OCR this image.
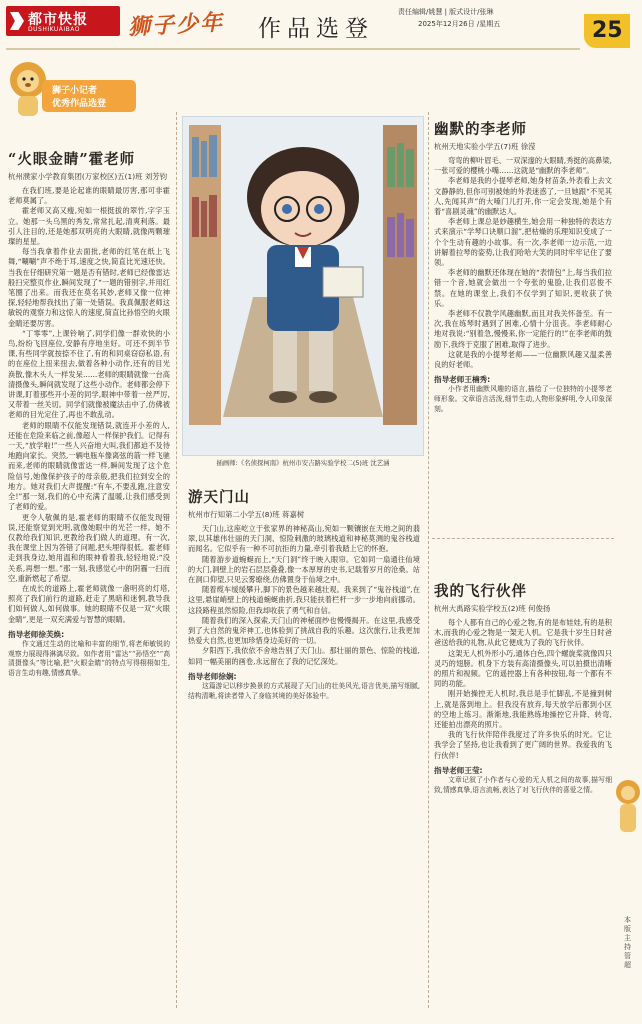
都市快报
DUSHIKUAIBAO 狮子少年 作品选登
责任编辑/姚慧 | 版式设计/张琳
2025年12月26日 /星期五	25
狮子小记者
优秀作品选登
“火眼金睛”霍老师
杭州濮家小学教育集团(万家校区)五(1)班 刘芳钧

在我们班,要是论起谁的眼睛最厉害,那可非霍老师莫属了。

霍老师又高又瘦,宛如一根挺拔的翠竹,字字玉立。她那一头乌黑的秀发,常常扎起,清爽利落。最引人注目的,还是她那双明亮的大眼睛,就像两颗璀璨的星星。

每当我拿着作业去面批,老师的红笔在纸上飞舞,“唰唰”声不绝于耳,速度之快,简直比光速还快。当我在仔细研究第一题是否有错时,老师已经像雷达般扫完整页作业,瞬间发现了“一题的错别字,并用红笔圈了出来。而我还在莫名其妙,老师又像一位神探,轻轻地帮我找出了第一处错误。我真佩服老师这敏锐的观察力和这惊人的速度,简直比孙悟空的火眼金睛还要厉害。

“丁零零”,上课铃响了,同学们像一群欢快的小鸟,纷纷飞回座位,安静有序地坐好。可还不到半节课,有些同学就按捺不住了,有的和同桌窃窃私语,有的在座位上扭来扭去,做着各种小动作,还有的目光涣散,像木头人一样发呆……老师的眼睛就像一台高清摄像头,瞬间就发现了这些小动作。老师都会停下讲课,盯着那些开小差的同学,眼神中带着一丝严厉,又带着一丝关切。同学们就像被魔法击中了,仿佛被老师的目光定住了,再也不敢乱动。

老师的眼睛不仅能发现错误,就连开小差的人,还能在危险来临之前,像超人一样保护我们。记得有一天,“放学啦!”一些人兴奋地大叫,我们都迫不及待地跑向家长。突然,一辆电瓶车像离弦的箭一样飞驰而来,老师的眼睛就像雷达一样,瞬间发现了这个危险信号,她像保护孩子的母亲般,把我们拉到安全的地方。她对我们大声提醒:“有车,不要乱跑,注意安全!”那一刻,我们的心中充满了温暖,让我们感受到了老师的爱。

更令人敬佩的是,霍老师的眼睛不仅能发现错误,还能察觉到光明,就像她眼中的光芒一样。她不仅教给我们知识,更教给我们做人的道理。有一次,我在课堂上因为答错了问题,把头埋得很低。霍老师走到我身边,她用温和的眼神看着我,轻轻地说:“没关系,再想一想。”那一刻,我感觉心中的阴霾一扫而空,重新燃起了希望。

在成长的道路上,霍老师就像一盏明亮的灯塔,照亮了我们前行的道路,赶走了黑暗和迷惘,教导我们如何做人,如何做事。她的眼睛不仅是一双“火眼金睛”,更是一双充满爱与智慧的眼睛。

指导老师徐芙焕:
作文通过生动的比喻和丰富的细节,将老师敏锐的观察力展现得淋漓尽致。如作者用“雷达”“孙悟空”“高清摄像头”等比喻,把“火眼金睛”的特点写得栩栩如生,语言生动有趣,情感真挚。
插画师:《名侦探柯南》杭州市安吉路实验学校二(5)班 沈艺涵
游天门山
杭州市行知第二小学五(8)班 蒋嘉树

天门山,这座屹立于张家界的神秘高山,宛如一颗镶嵌在天地之间的翡翠,以其雄伟壮丽的天门洞、惊险刺激的玻璃栈道和神秘莫测的鬼谷栈道而闻名。它似乎有一种不可抗拒的力量,牵引着我踏上它的怀抱。

随着游步道蜿蜒而上,“天门洞”终于映入眼帘。它如同一扇通往仙境的大门,洞壁上的岩石层层叠叠,像一本厚厚的史书,记载着岁月的沧桑。站在洞口仰望,只见云雾缭绕,仿佛置身于仙境之中。

随着缆车缓缓攀升,脚下的景色越来越壮观。我来到了“鬼谷栈道”,在这里,悬崖峭壁上的栈道蜿蜒曲折,我只能扶着栏杆一步一步地向前挪动。这段路程虽然惊险,但我却收获了勇气和自信。

随着我们的深入探索,天门山的神秘面纱也慢慢揭开。在这里,我感受到了大自然的鬼斧神工,也体验到了挑战自我的乐趣。这次旅行,让我更加热爱大自然,也更加珍惜身边美好的一切。

夕阳西下,我依依不舍地告别了天门山。那壮丽的景色、惊险的栈道,如同一幅美丽的画卷,永远留在了我的记忆深处。

指导老师徐娴:
这篇游记以移步换景的方式展现了天门山的壮美风光,语言优美,描写细腻,结构清晰,将读者带入了身临其境的美好体验中。
幽默的李老师
杭州天地实验小学五(7)班 徐滢

弯弯的柳叶眉毛、一双深邃的大眼睛,秀挺的高鼻梁,一张可爱的樱桃小嘴……这就是“幽默的李老师”。

李老师是我的小提琴老师,她身材苗条,外表看上去文文静静的,但你可别被她的外表迷惑了,一旦她跟“不见其人,先闻其声”的大嗓门儿打开,你一定会发现,她是个有着“喜剧灵魂”的幽默达人。

李老师上课总是妙趣横生,她会用一种独特的表达方式来演示“学琴口诀顺口溜”,把枯燥的乐理知识变成了一个个生动有趣的小故事。有一次,李老师一边示范,一边讲解着拉琴的姿势,让我们哈哈大笑的同时牢牢记住了要领。

李老师的幽默还体现在她的“表情包”上,每当我们拉错一个音,她就会做出一个夸张的鬼脸,让我们忍俊不禁。在她的课堂上,我们不仅学到了知识,更收获了快乐。

李老师不仅教学风趣幽默,而且对我关怀备至。有一次,我在练琴时遇到了困难,心情十分沮丧。李老师耐心地对我说:“别着急,慢慢来,你一定能行的!”在李老师的鼓励下,我终于克服了困难,取得了进步。

这就是我的小提琴老师——一位幽默风趣又温柔善良的好老师。

指导老师王楠秀:
小作者用幽默风趣的语言,描绘了一位独特的小提琴老师形象。文章语言活泼,细节生动,人物形象鲜明,令人印象深刻。
我的飞行伙伴
杭州大禹路实验学校五(2)班 何俊扬

每个人都有自己的心爱之物,有的是布娃娃,有的是积木,而我的心爱之物是一架无人机。它是我十岁生日时爸爸送给我的礼物,从此它便成为了我的飞行伙伴。

这架无人机外形小巧,通体白色,四个螺旋桨就像四只灵巧的翅膀。机身下方装有高清摄像头,可以拍摄出清晰的照片和视频。它的遥控器上有各种按钮,每一个都有不同的功能。

刚开始操控无人机时,我总是手忙脚乱,不是撞到树上,就是落到地上。但我没有放弃,每天放学后都到小区的空地上练习。渐渐地,我能熟练地操控它升降、转弯,还能拍出漂亮的照片。

我的飞行伙伴陪伴我度过了许多快乐的时光。它让我学会了坚持,也让我看到了更广阔的世界。我爱我的飞行伙伴!

指导老师王莹:
文章记叙了小作者与心爱的无人机之间的故事,描写细致,情感真挚,语言流畅,表达了对飞行伙伴的喜爱之情。
本版主持 管超
